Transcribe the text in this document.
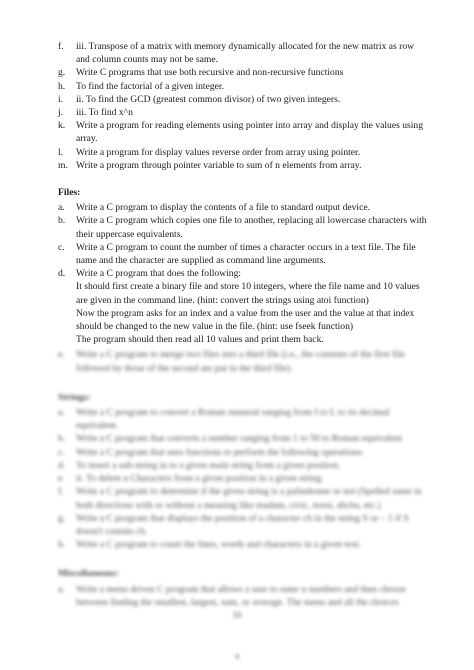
f.	iii. Transpose of a matrix with memory dynamically allocated for the new matrix as row and column counts may not be same.
g.	Write C programs that use both recursive and non-recursive functions
h.	To find the factorial of a given integer.
i.	ii. To find the GCD (greatest common divisor) of two given integers.
j.	iii. To find x^n
k.	Write a program for reading elements using pointer into array and display the values using array.
l.	Write a program for display values reverse order from array using pointer.
m. Write a program through pointer variable to sum of n elements from array.
Files:
a.	Write a C program to display the contents of a file to standard output device.
b.	Write a C program which copies one file to another, replacing all lowercase characters with their uppercase equivalents.
c.	Write a C program to count the number of times a character occurs in a text file. The file name and the character are supplied as command line arguments.
d.	Write a C program that does the following:
It should first create a binary file and store 10 integers, where the file name and 10 values are given in the command line. (hint: convert the strings using atoi function)
Now the program asks for an index and a value from the user and the value at that index should be changed to the new value in the file. (hint: use fseek function)
The program should then read all 10 values and print them back.
e.	Write a C program to merge two files into a third file (i.e., the contents of the first file followed by those of the second are put in the third file).
Strings:
a.	Write a C program to convert a Roman numeral ranging from I to L to its decimal equivalent.
b.	Write a C program that converts a number ranging from 1 to 50 to Roman equivalent
c.	Write a C program that uses functions to perform the following operations:
d.	To insert a sub-string in to a given main string from a given position.
e.	ii. To delete n Characters from a given position in a given string.
f.	Write a C program to determine if the given string is a palindrome or not (Spelled same in both directions with or without a meaning like madam, civic, noon, abcba, etc.)
g.	Write a C program that displays the position of a character ch in the string S or – 1 if S doesn't contain ch.
h.	Write a C program to count the lines, words and characters in a given text.
Miscellaneous:
a.	Write a menu driven C program that allows a user to enter n numbers and then choose between finding the smallest, largest, sum, or average. The menu and all the choices
10
4
